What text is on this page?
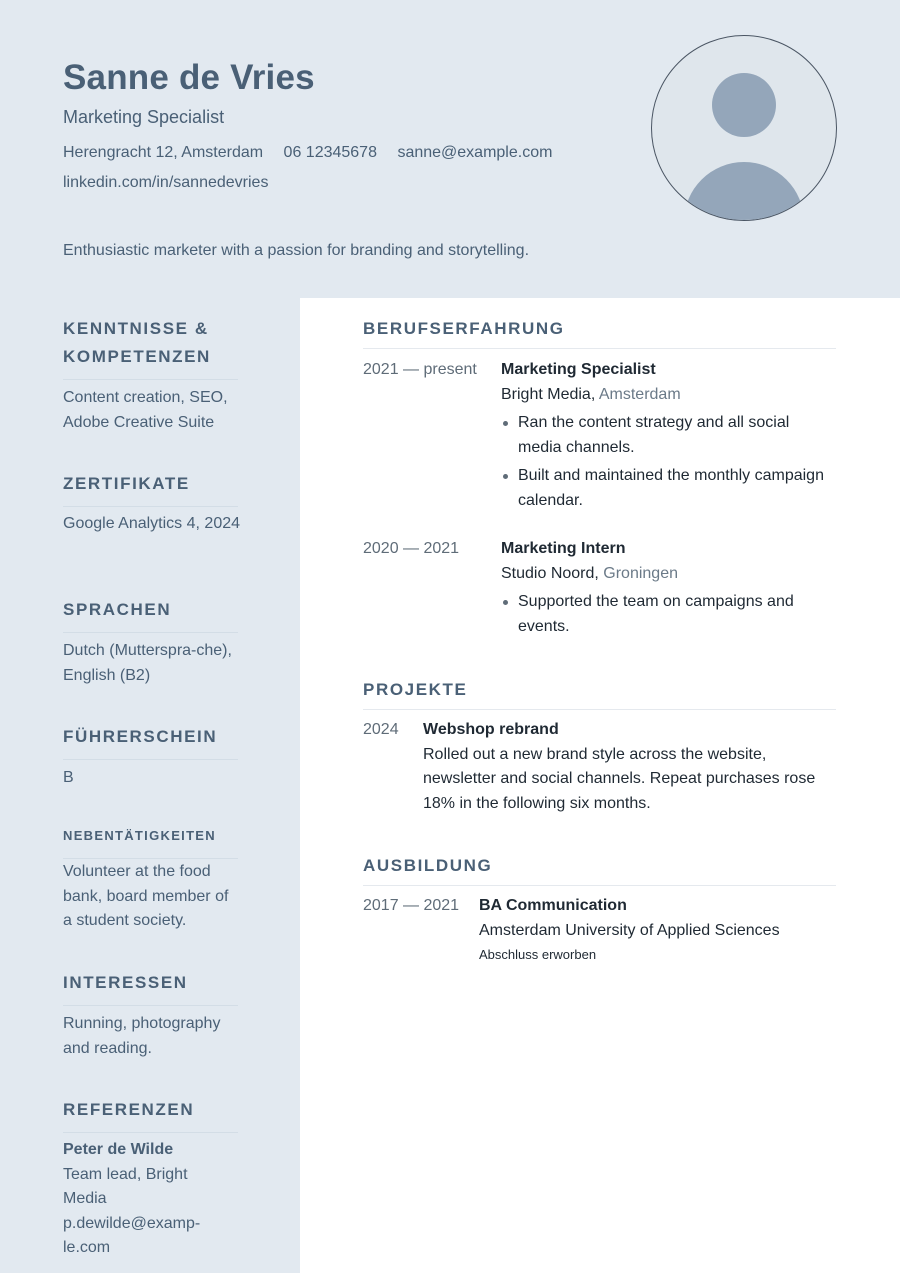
Sanne de Vries
Marketing Specialist
Herengracht 12, Amsterdam 06 12345678 sanne@example.com
linkedin.com/in/sannedevries
Enthusiastic marketer with a passion for branding and storytelling.
KENNTNISSE & KOMPETENZEN
Content creation, SEO, Adobe Creative Suite
ZERTIFIKATE
Google Analytics 4, 2024
SPRACHEN
Dutch (Mutterspra-che), English (B2)
FÜHRERSCHEIN
B
NEBENTÄTIGKEITEN
Volunteer at the food bank, board member of a student society.
INTERESSEN
Running, photography and reading.
REFERENZEN
Peter de Wilde
Team lead, Bright Media
p.dewilde@examp-le.com
BERUFSERFAHRUNG
2021 — present Marketing Specialist
Bright Media, Amsterdam
Ran the content strategy and all social media channels.
Built and maintained the monthly campaign calendar.
2020 — 2021	Marketing Intern
Studio Noord, Groningen
Supported the team on campaigns and events.
PROJEKTE
2024 Webshop rebrand
Rolled out a new brand style across the website, newsletter and social channels. Repeat purchases rose 18% in the following six months.
AUSBILDUNG
2017 — 2021 BA Communication
Amsterdam University of Applied Sciences
Abschluss erworben
